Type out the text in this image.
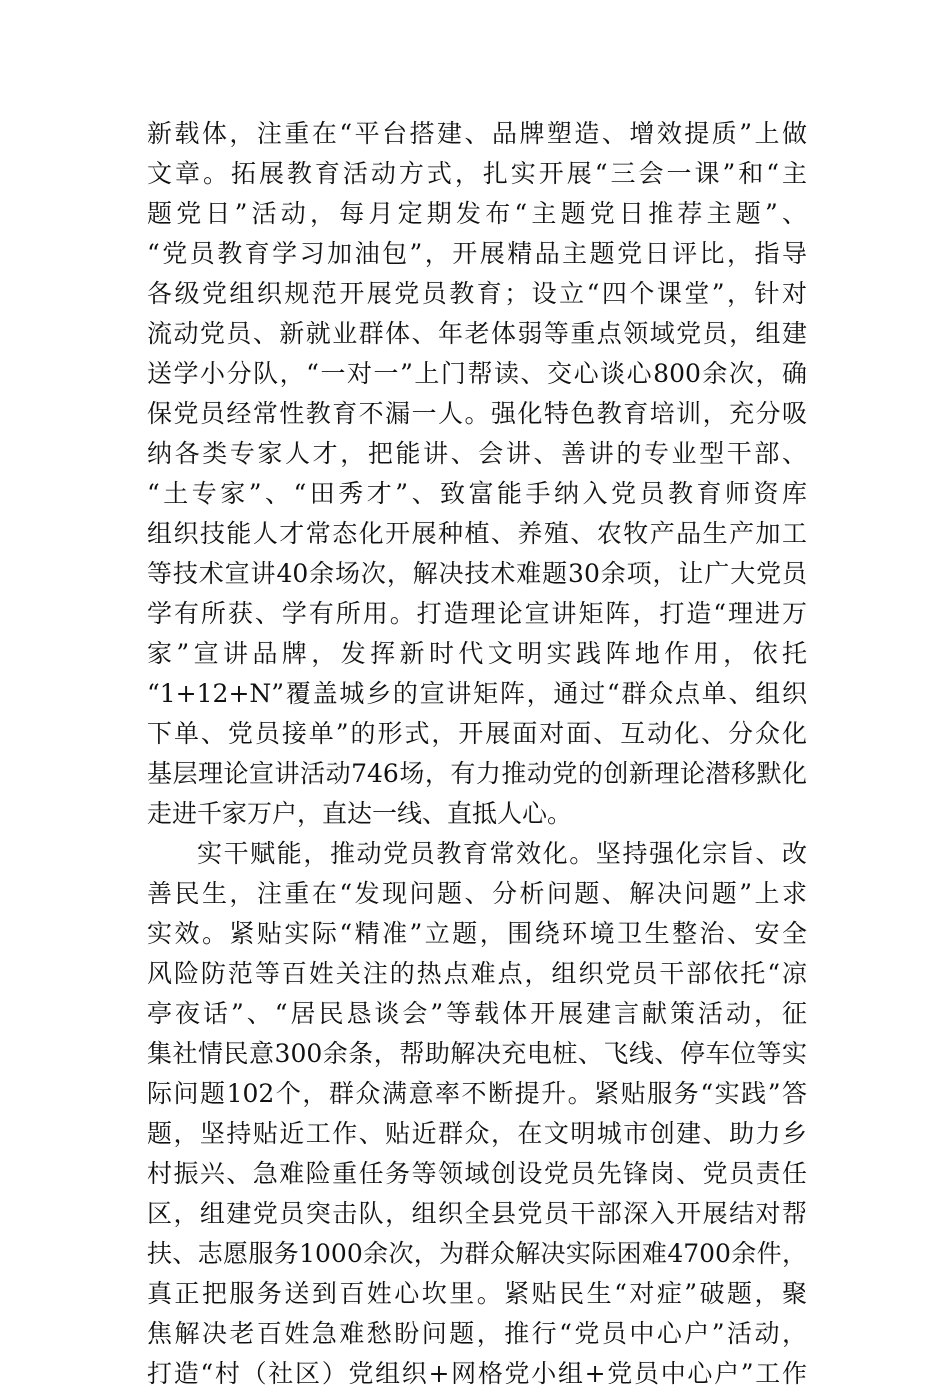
新载体，注重在“平台搭建、品牌塑造、增效提质”上做
文章。拓展教育活动方式，扎实开展“三会一课”和“主
题党日”活动，每月定期发布“主题党日推荐主题”、
“党员教育学习加油包”，开展精品主题党日评比，指导
各级党组织规范开展党员教育；设立“四个课堂”，针对
流动党员、新就业群体、年老体弱等重点领域党员，组建
送学小分队，“一对一”上门帮读、交心谈心800余次，确
保党员经常性教育不漏一人。强化特色教育培训，充分吸
纳各类专家人才，把能讲、会讲、善讲的专业型干部、
“土专家”、“田秀才”、致富能手纳入党员教育师资库
组织技能人才常态化开展种植、养殖、农牧产品生产加工
等技术宣讲40余场次，解决技术难题30余项，让广大党员
学有所获、学有所用。打造理论宣讲矩阵，打造“理进万
家”宣讲品牌，发挥新时代文明实践阵地作用，依托
“1+12+N”覆盖城乡的宣讲矩阵，通过“群众点单、组织
下单、党员接单”的形式，开展面对面、互动化、分众化
基层理论宣讲活动746场，有力推动党的创新理论潜移默化
走进千家万户，直达一线、直抵人心。
实干赋能，推动党员教育常效化。坚持强化宗旨、改
善民生，注重在“发现问题、分析问题、解决问题”上求
实效。紧贴实际“精准”立题，围绕环境卫生整治、安全
风险防范等百姓关注的热点难点，组织党员干部依托“凉
亭夜话”、“居民恳谈会”等载体开展建言献策活动，征
集社情民意300余条，帮助解决充电桩、飞线、停车位等实
际问题102个，群众满意率不断提升。紧贴服务“实践”答
题，坚持贴近工作、贴近群众，在文明城市创建、助力乡
村振兴、急难险重任务等领域创设党员先锋岗、党员责任
区，组建党员突击队，组织全县党员干部深入开展结对帮
扶、志愿服务1000余次，为群众解决实际困难4700余件，
真正把服务送到百姓心坎里。紧贴民生“对症”破题，聚
焦解决老百姓急难愁盼问题，推行“党员中心户”活动，
打造“村（社区）党组织+网格党小组+党员中心户”工作
